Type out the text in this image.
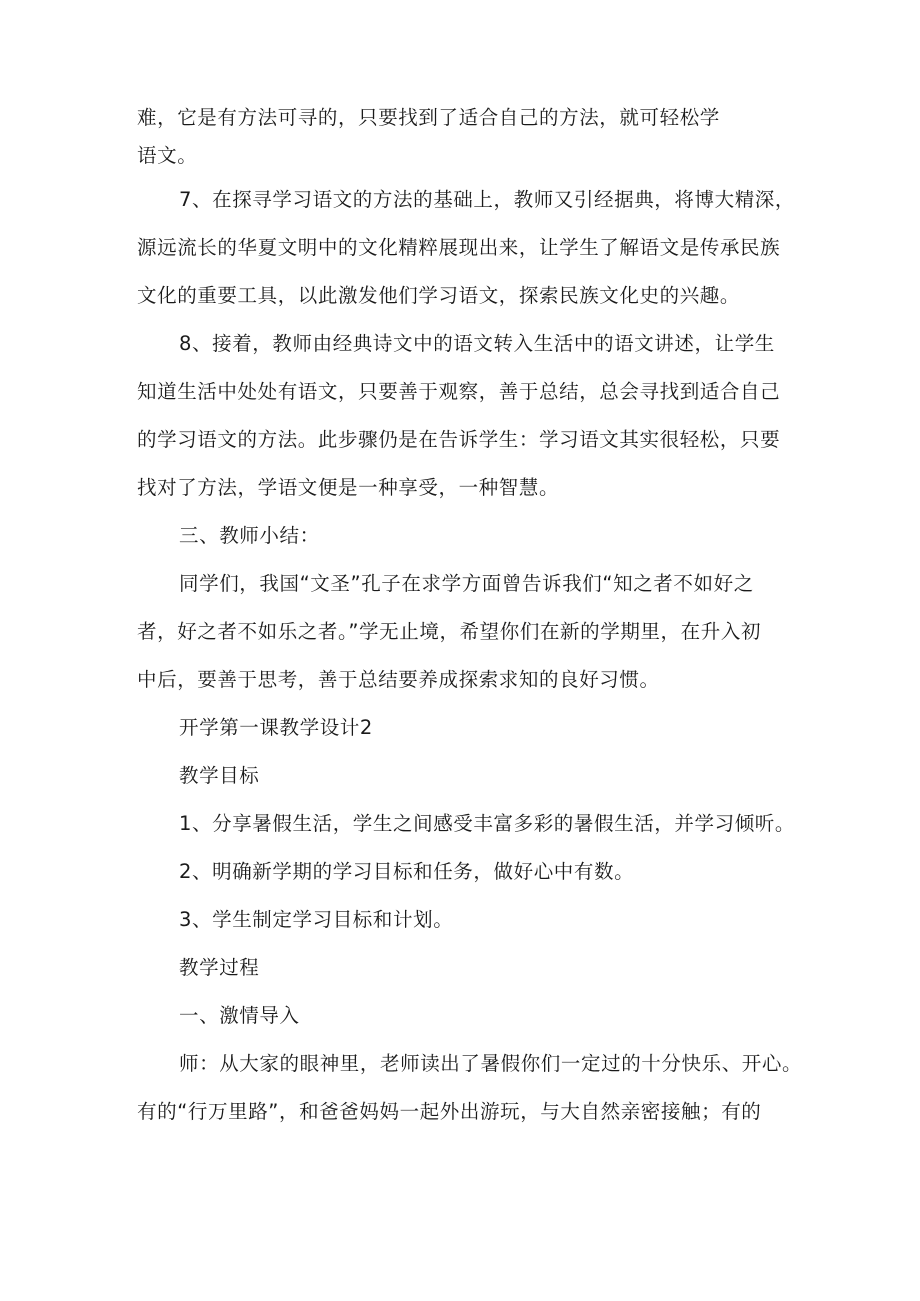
难，它是有方法可寻的，只要找到了适合自己的方法，就可轻松学
语文。
7、在探寻学习语文的方法的基础上，教师又引经据典，将博大精深，
源远流长的华夏文明中的文化精粹展现出来，让学生了解语文是传承民族
文化的重要工具，以此激发他们学习语文，探索民族文化史的兴趣。
8、接着，教师由经典诗文中的语文转入生活中的语文讲述，让学生
知道生活中处处有语文，只要善于观察，善于总结，总会寻找到适合自己
的学习语文的方法。此步骤仍是在告诉学生：学习语文其实很轻松，只要
找对了方法，学语文便是一种享受，一种智慧。
三、教师小结：
同学们，我国“文圣”孔子在求学方面曾告诉我们“知之者不如好之
者，好之者不如乐之者。”学无止境，希望你们在新的学期里，在升入初
中后，要善于思考，善于总结要养成探索求知的良好习惯。
开学第一课教学设计2
教学目标
1、分享暑假生活，学生之间感受丰富多彩的暑假生活，并学习倾听。
2、明确新学期的学习目标和任务，做好心中有数。
3、学生制定学习目标和计划。
教学过程
一、激情导入
师：从大家的眼神里，老师读出了暑假你们一定过的十分快乐、开心。
有的“行万里路”，和爸爸妈妈一起外出游玩，与大自然亲密接触；有的
